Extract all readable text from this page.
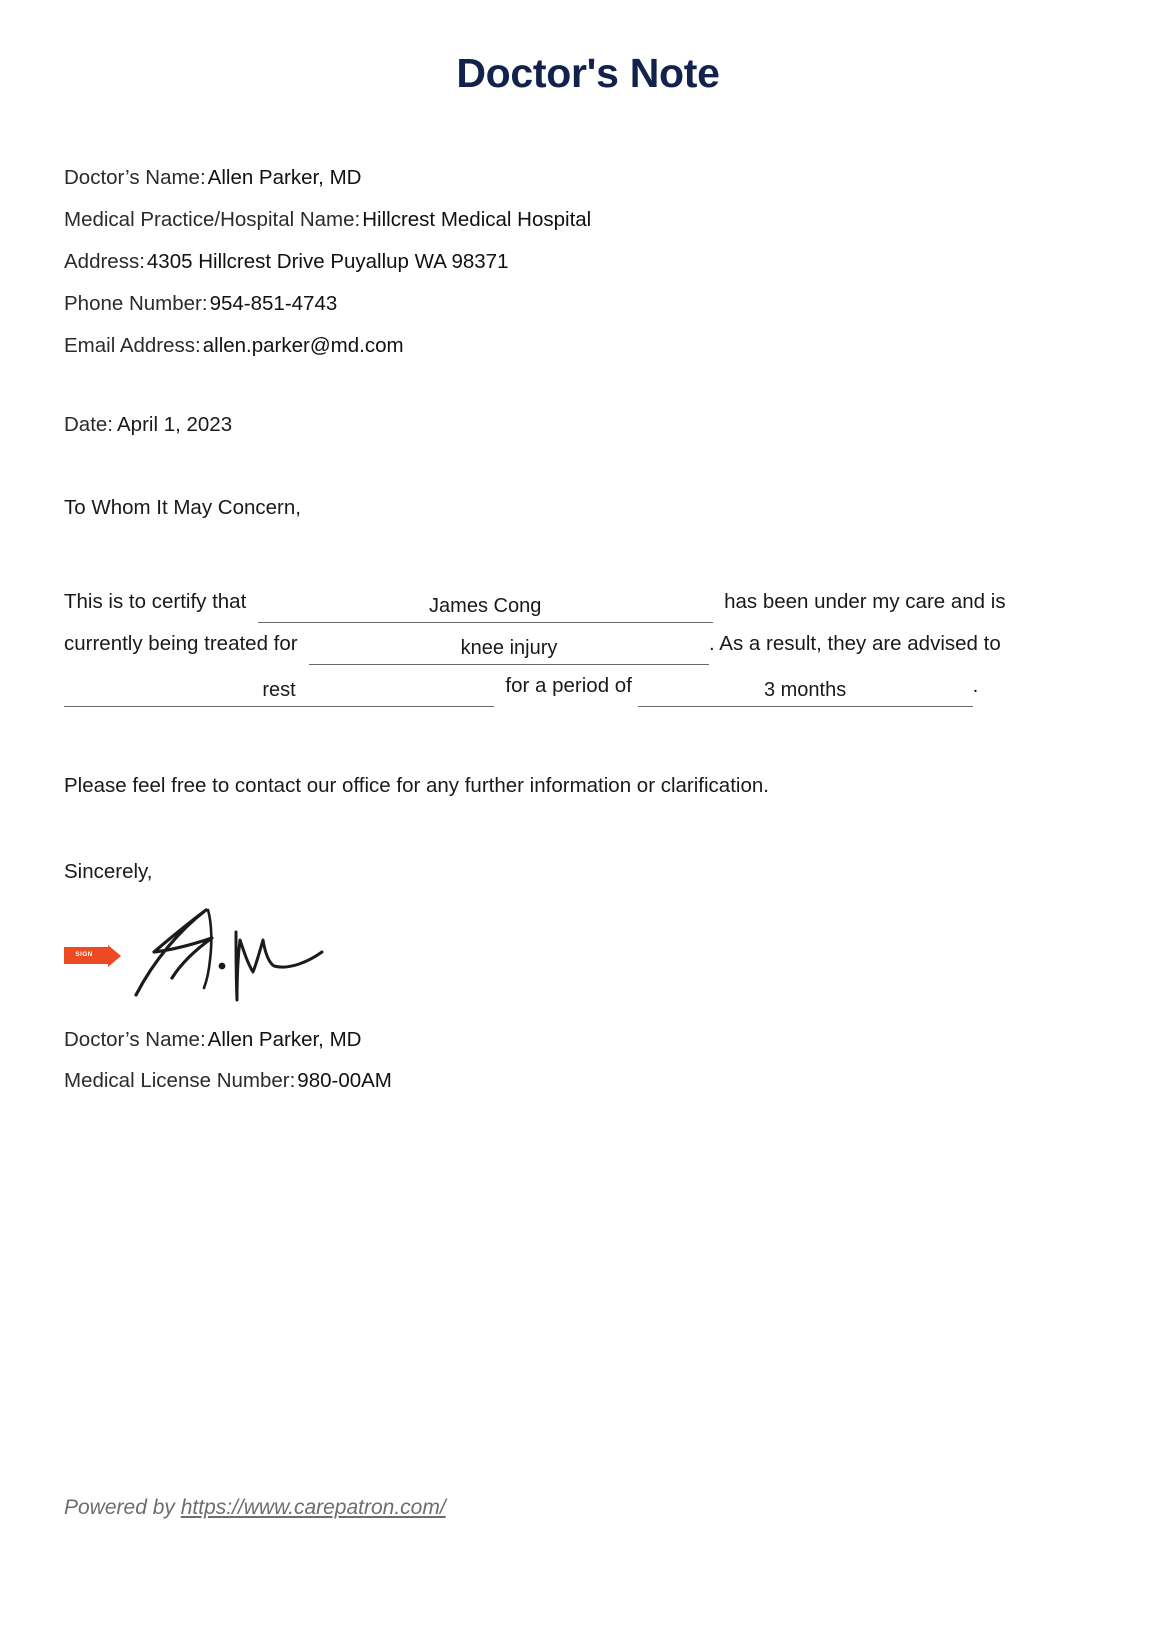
Doctor's Note
Doctor’s Name:Allen Parker, MD
Medical Practice/Hospital Name:Hillcrest Medical Hospital
Address:4305 Hillcrest Drive Puyallup WA 98371
Phone Number:954-851-4743
Email Address:allen.parker@md.com
Date: April 1, 2023
To Whom It May Concern,
This is to certify that
	James Cong
	has been under my care and is
currently being treated for
	knee injury	. As a result, they are advised to
rest
	for a period of
	3 months	.
Please feel free to contact our office for any further information or clarification.
Sincerely,
SIGN
Doctor’s Name:Allen Parker, MD
Medical License Number:980-00AM
Powered by https://www.carepatron.com/
